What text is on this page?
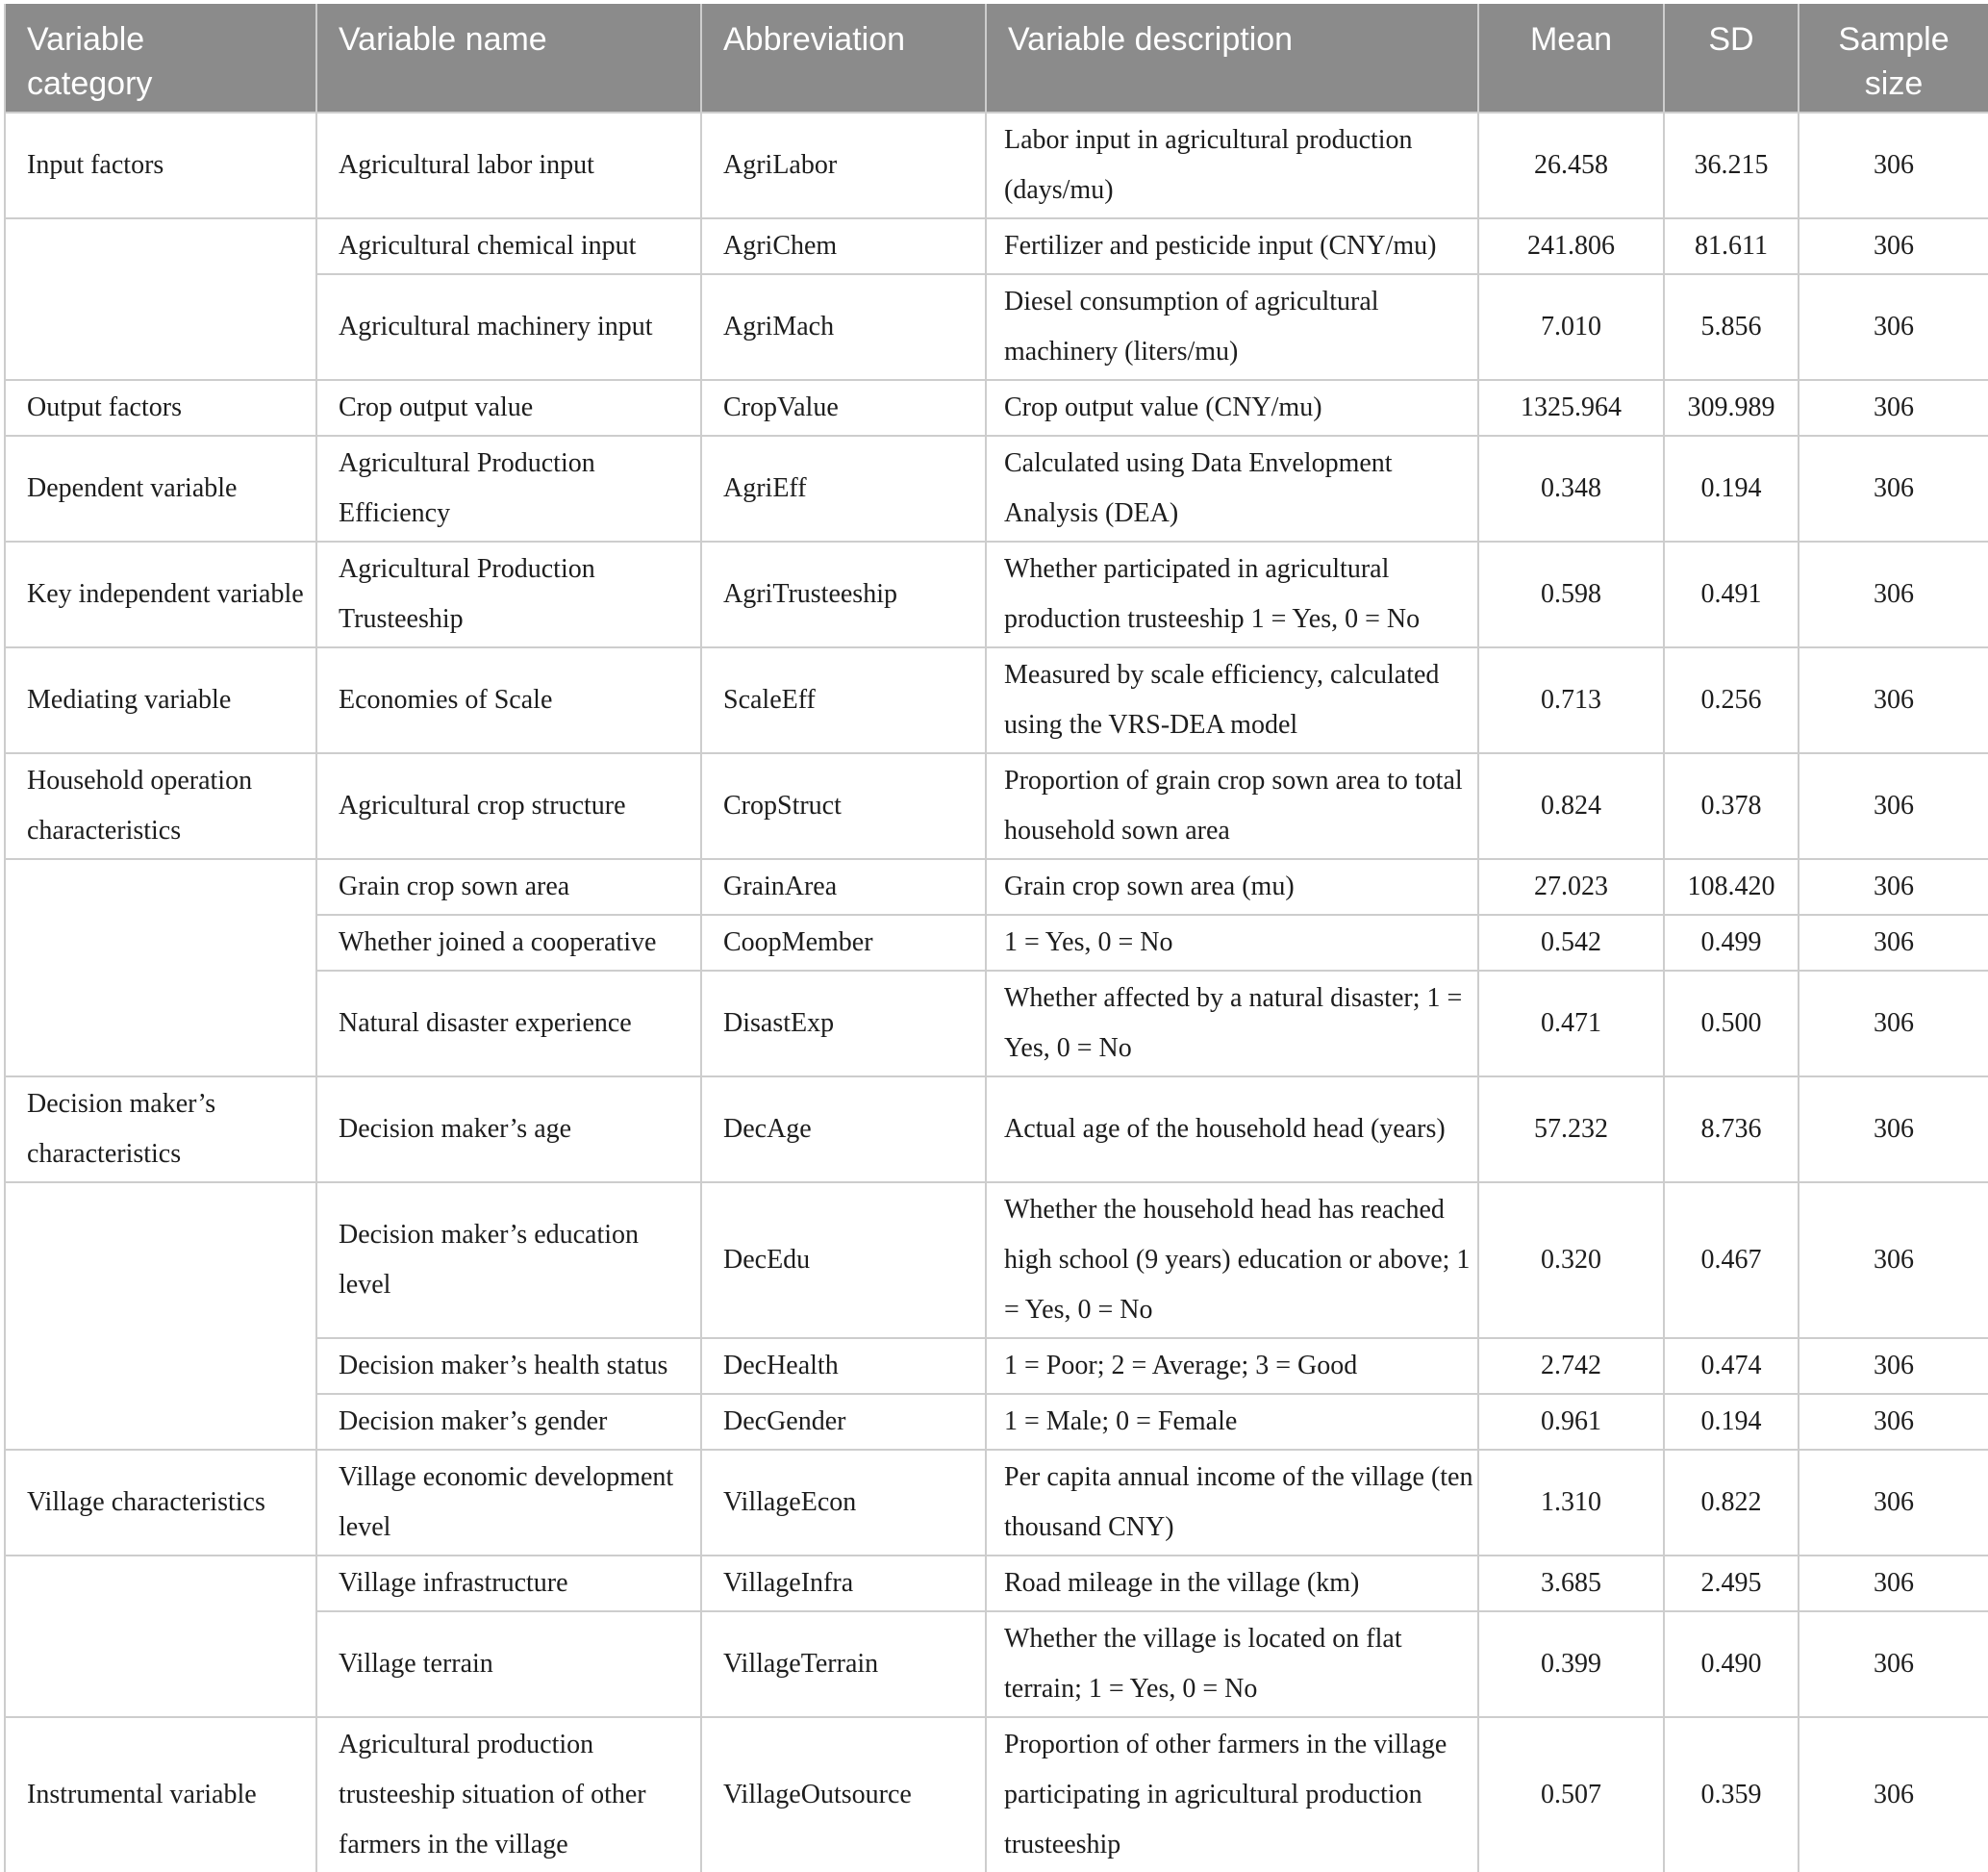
Variable category	Variable name	Abbreviation	Variable description	Mean	SD	Sample size
Input factors	Agricultural labor input	AgriLabor	Labor input in agricultural production (days/mu)	26.458	36.215	306
	Agricultural chemical input	AgriChem	Fertilizer and pesticide input (CNY/mu)	241.806	81.611	306
	Agricultural machinery input	AgriMach	Diesel consumption of agricultural machinery (liters/mu)	7.010	5.856	306
Output factors	Crop output value	CropValue	Crop output value (CNY/mu)	1325.964	309.989	306
Dependent variable	Agricultural Production Efficiency	AgriEff	Calculated using Data Envelopment Analysis (DEA)	0.348	0.194	306
Key independent variable	Agricultural Production Trusteeship	AgriTrusteeship	Whether participated in agricultural production trusteeship 1 = Yes, 0 = No	0.598	0.491	306
Mediating variable	Economies of Scale	ScaleEff	Measured by scale efficiency, calculated using the VRS-DEA model	0.713	0.256	306
Household operation characteristics	Agricultural crop structure	CropStruct	Proportion of grain crop sown area to total household sown area	0.824	0.378	306
	Grain crop sown area	GrainArea	Grain crop sown area (mu)	27.023	108.420	306
	Whether joined a cooperative	CoopMember	1 = Yes, 0 = No	0.542	0.499	306
	Natural disaster experience	DisastExp	Whether affected by a natural disaster; 1 = Yes, 0 = No	0.471	0.500	306
Decision maker’s characteristics	Decision maker’s age	DecAge	Actual age of the household head (years)	57.232	8.736	306
	Decision maker’s education level	DecEdu	Whether the household head has reached high school (9 years) education or above; 1 = Yes, 0 = No	0.320	0.467	306
	Decision maker’s health status	DecHealth	1 = Poor; 2 = Average; 3 = Good	2.742	0.474	306
	Decision maker’s gender	DecGender	1 = Male; 0 = Female	0.961	0.194	306
Village characteristics	Village economic development level	VillageEcon	Per capita annual income of the village (ten thousand CNY)	1.310	0.822	306
	Village infrastructure	VillageInfra	Road mileage in the village (km)	3.685	2.495	306
	Village terrain	VillageTerrain	Whether the village is located on flat terrain; 1 = Yes, 0 = No	0.399	0.490	306
Instrumental variable	Agricultural production trusteeship situation of other farmers in the village	VillageOutsource	Proportion of other farmers in the village participating in agricultural production trusteeship	0.507	0.359	306
